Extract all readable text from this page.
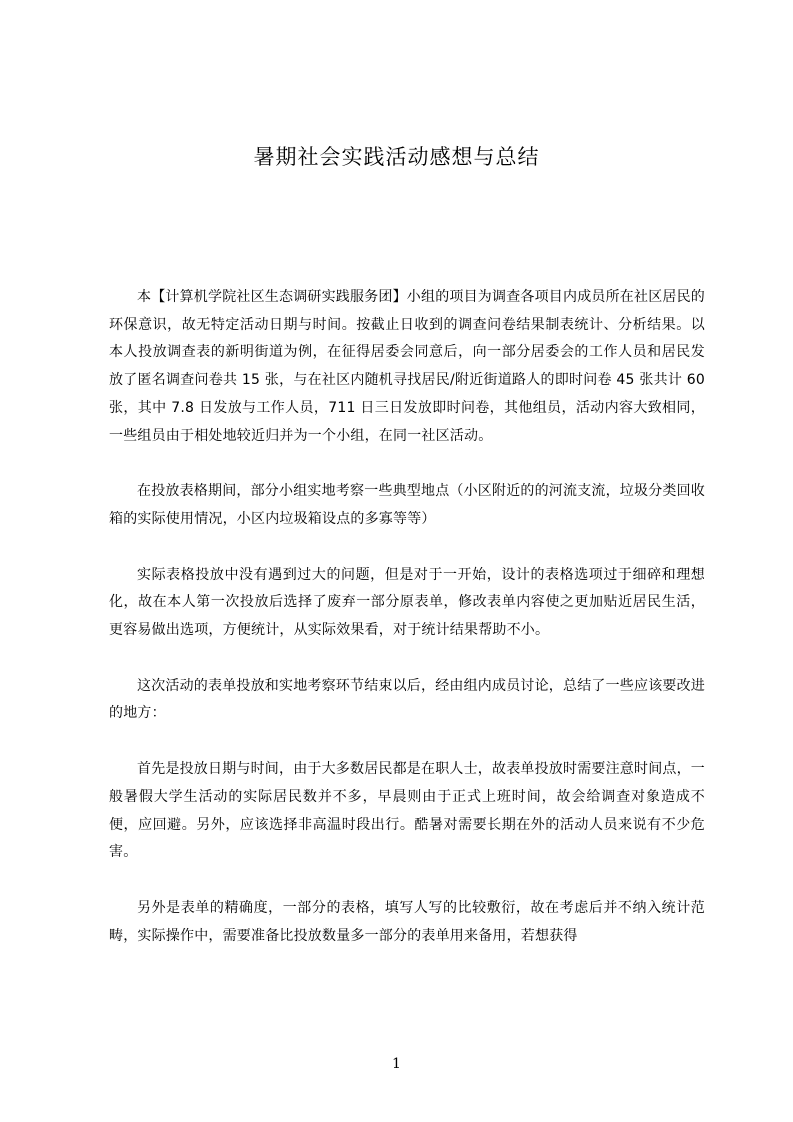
暑期社会实践活动感想与总结

本【计算机学院社区生态调研实践服务团】小组的项目为调查各项目内成员所在社区居民的环保意识，故无特定活动日期与时间。按截止日收到的调查问卷结果制表统计、分析结果。以本人投放调查表的新明街道为例，在征得居委会同意后，向一部分居委会的工作人员和居民发放了匿名调查问卷共 15 张，与在社区内随机寻找居民/附近街道路人的即时问卷 45 张共计 60 张，其中 7.8 日发放与工作人员，711 日三日发放即时问卷，其他组员，活动内容大致相同，一些组员由于相处地较近归并为一个小组，在同一社区活动。

在投放表格期间，部分小组实地考察一些典型地点（小区附近的的河流支流，垃圾分类回收箱的实际使用情况，小区内垃圾箱设点的多寡等等）

实际表格投放中没有遇到过大的问题，但是对于一开始，设计的表格选项过于细碎和理想化，故在本人第一次投放后选择了废弃一部分原表单，修改表单内容使之更加贴近居民生活，更容易做出选项，方便统计，从实际效果看，对于统计结果帮助不小。

这次活动的表单投放和实地考察环节结束以后，经由组内成员讨论，总结了一些应该要改进的地方：

首先是投放日期与时间，由于大多数居民都是在职人士，故表单投放时需要注意时间点，一般暑假大学生活动的实际居民数并不多，早晨则由于正式上班时间，故会给调查对象造成不便，应回避。另外，应该选择非高温时段出行。酷暑对需要长期在外的活动人员来说有不少危害。

另外是表单的精确度，一部分的表格，填写人写的比较敷衍，故在考虑后并不纳入统计范畴，实际操作中，需要准备比投放数量多一部分的表单用来备用，若想获得

1
